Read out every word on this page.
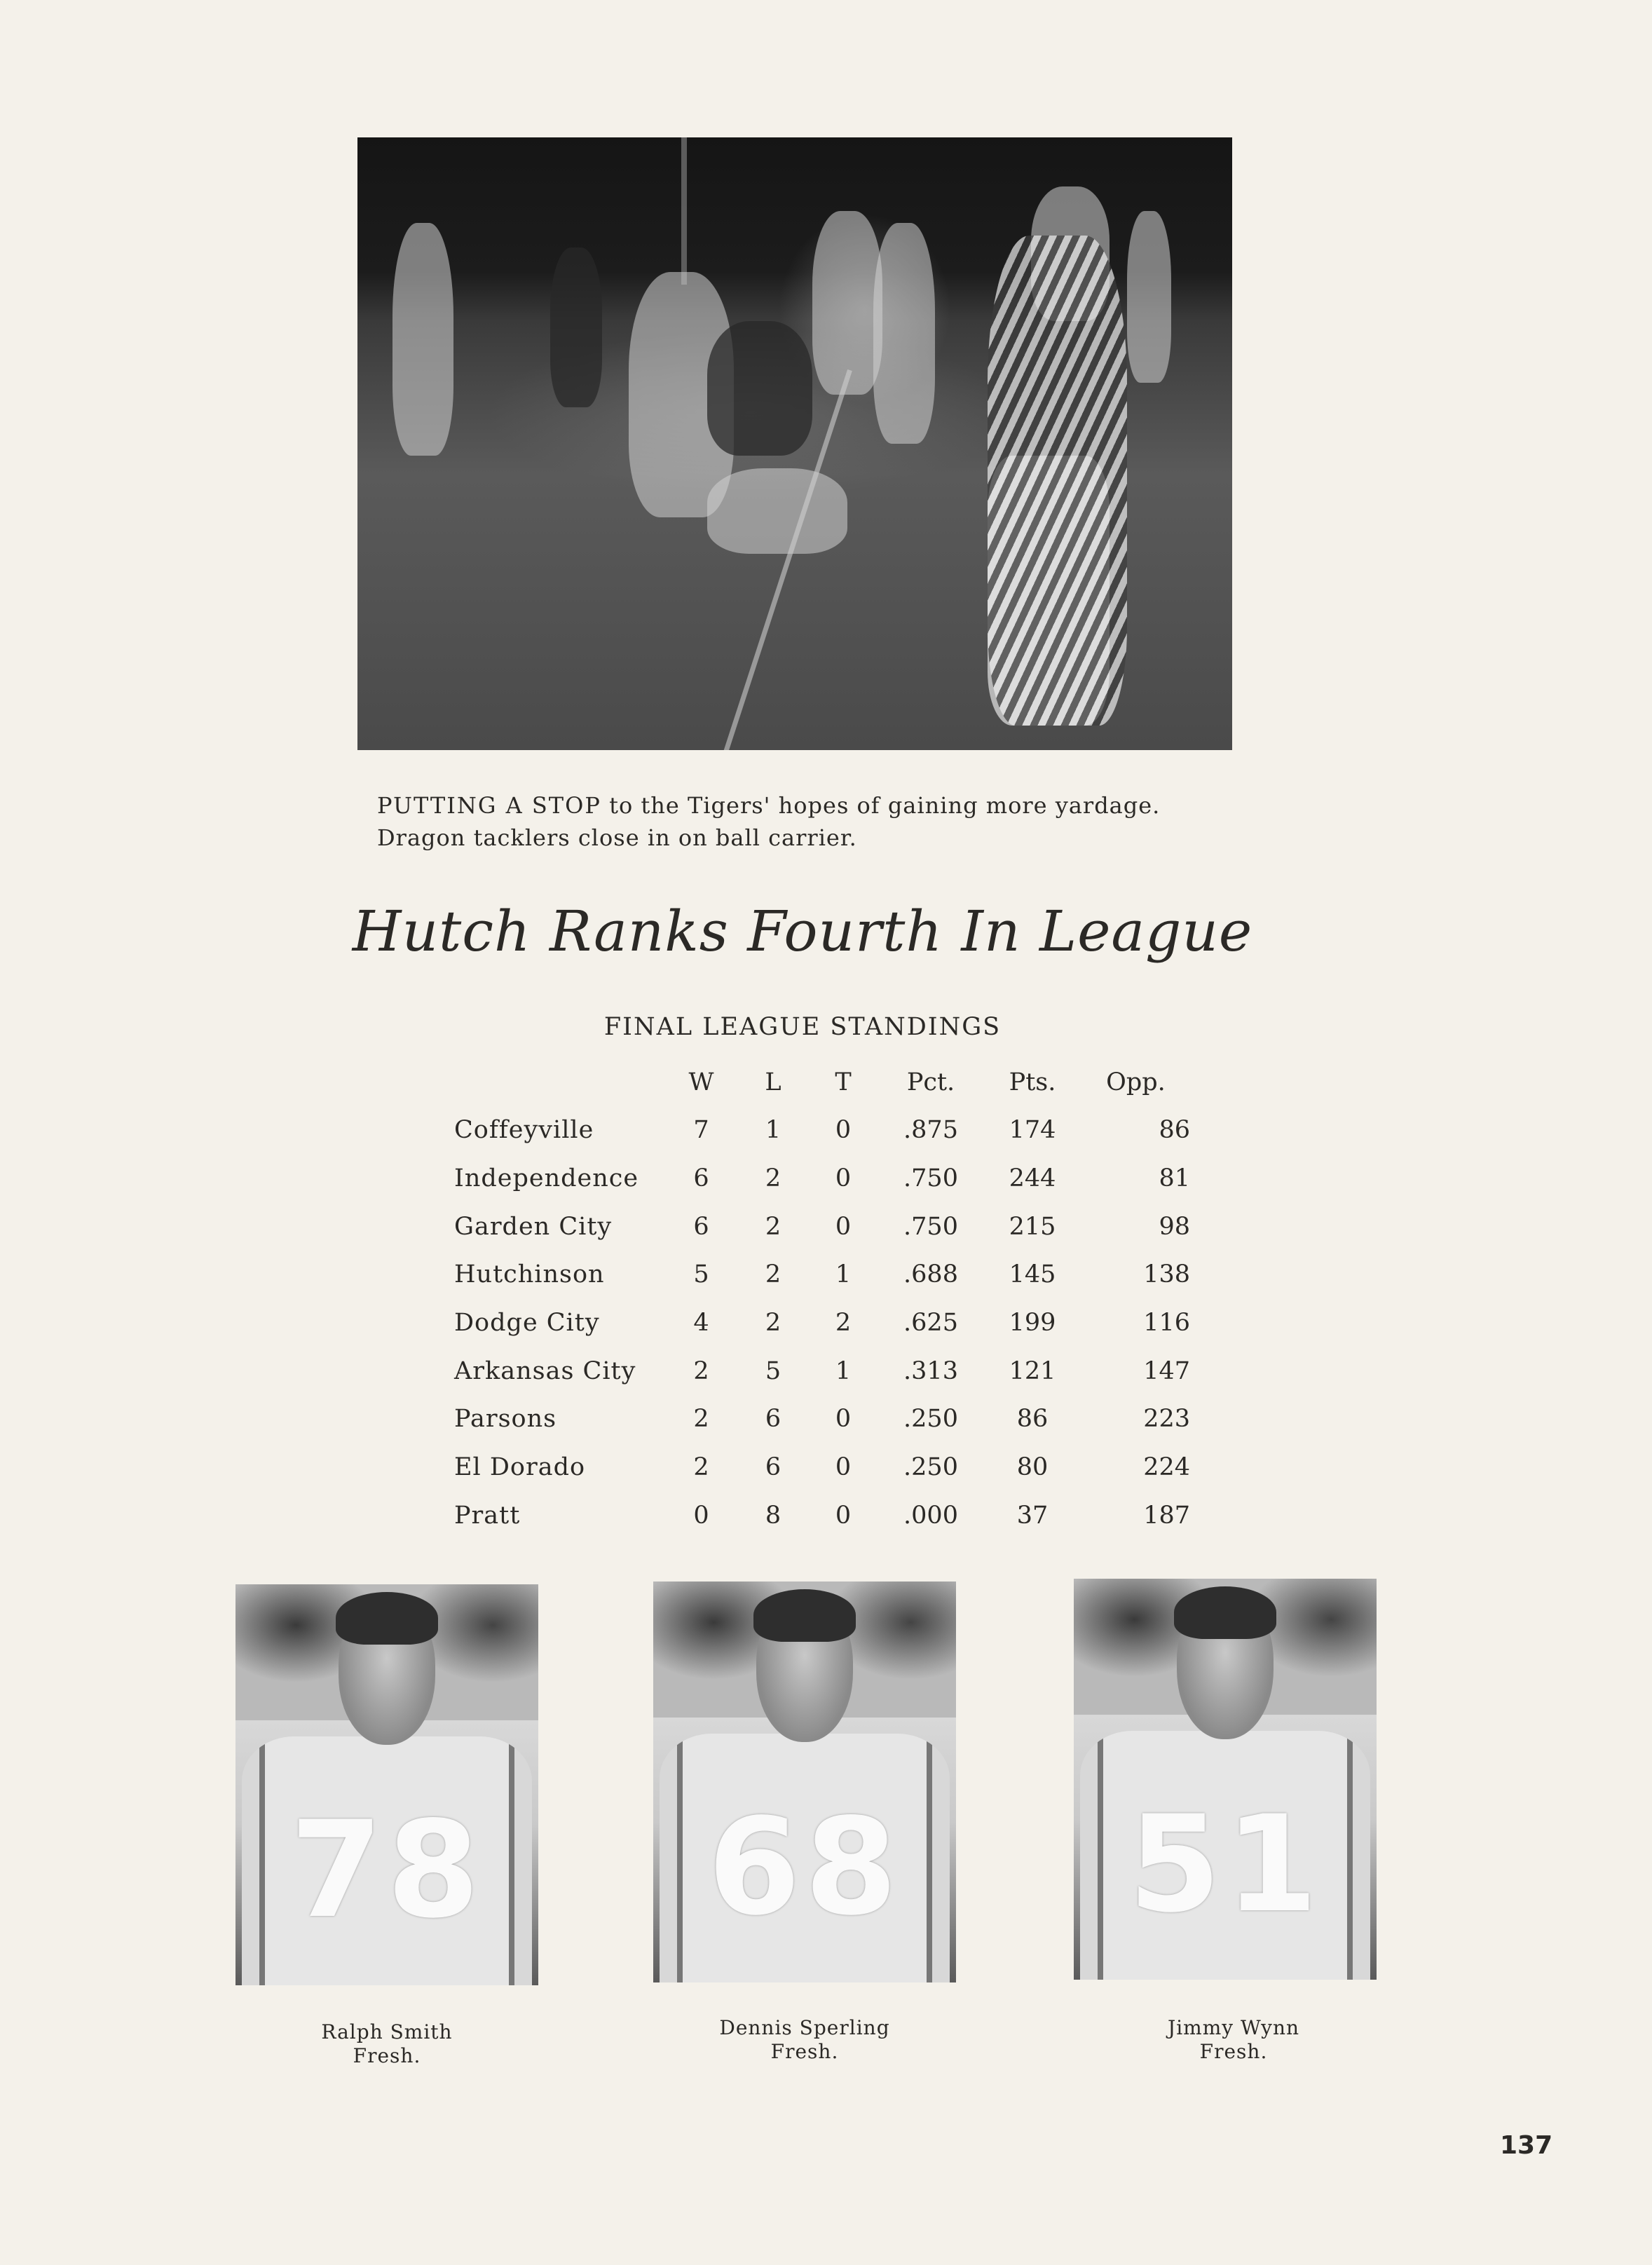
PUTTING A STOP to the Tigers' hopes of gaining more yardage.
Dragon tacklers close in on ball carrier.

Hutch Ranks Fourth In League

FINAL LEAGUE STANDINGS

	W	L	T	Pct.	Pts.	Opp.
Coffeyville	7	1	0	.875	174	86
Independence	6	2	0	.750	244	81
Garden City	6	2	0	.750	215	98
Hutchinson	5	2	1	.688	145	138
Dodge City	4	2	2	.625	199	116
Arkansas City	2	5	1	.313	121	147
Parsons	2	6	0	.250	86	223
El Dorado	2	6	0	.250	80	224
Pratt	0	8	0	.000	37	187
78	68	51

Ralph Smith
Fresh.

Dennis Sperling
Fresh.

Jimmy Wynn
Fresh.

137
